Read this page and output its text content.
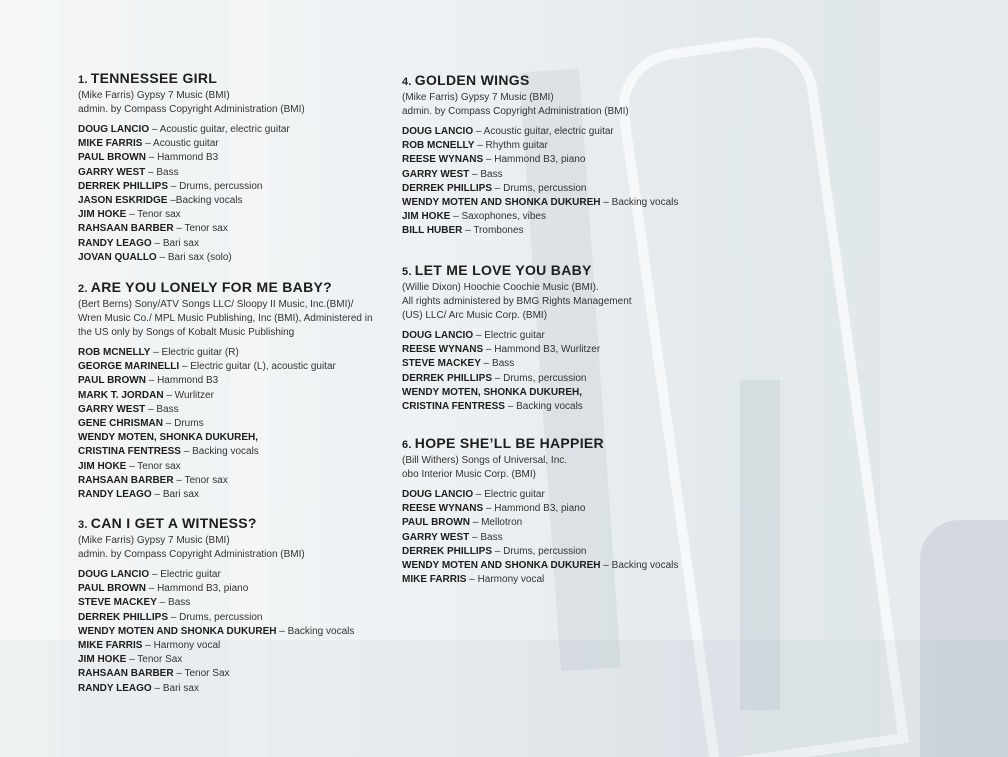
1. TENNESSEE GIRL

(Mike Farris) Gypsy 7 Music (BMI)

admin. by Compass Copyright Administration (BMI)

DOUG LANCIO – Acoustic guitar, electric guitar
MIKE FARRIS – Acoustic guitar
PAUL BROWN – Hammond B3
GARRY WEST – Bass
DERREK PHILLIPS – Drums, percussion
JASON ESKRIDGE –Backing vocals
JIM HOKE – Tenor sax
RAHSAAN BARBER – Tenor sax
RANDY LEAGO – Bari sax
JOVAN QUALLO – Bari sax (solo)
2. ARE YOU LONELY FOR ME BABY?

(Bert Berns) Sony/ATV Songs LLC/ Sloopy II Music, Inc.(BMI)/

Wren Music Co./ MPL Music Publishing, Inc (BMI), Administered in

the US only by Songs of Kobalt Music Publishing

ROB MCNELLY – Electric guitar (R)
GEORGE MARINELLI – Electric guitar (L), acoustic guitar
PAUL BROWN – Hammond B3
MARK T. JORDAN – Wurlitzer
GARRY WEST – Bass
GENE CHRISMAN – Drums
WENDY MOTEN, SHONKA DUKUREH,
CRISTINA FENTRESS – Backing vocals
JIM HOKE – Tenor sax
RAHSAAN BARBER – Tenor sax
RANDY LEAGO – Bari sax
3. CAN I GET A WITNESS?

(Mike Farris) Gypsy 7 Music (BMI)

admin. by Compass Copyright Administration (BMI)

DOUG LANCIO – Electric guitar
PAUL BROWN – Hammond B3, piano
STEVE MACKEY – Bass
DERREK PHILLIPS – Drums, percussion
WENDY MOTEN AND SHONKA DUKUREH – Backing vocals
MIKE FARRIS – Harmony vocal
JIM HOKE – Tenor Sax
RAHSAAN BARBER – Tenor Sax
RANDY LEAGO – Bari sax
4. GOLDEN WINGS

(Mike Farris) Gypsy 7 Music (BMI)

admin. by Compass Copyright Administration (BMI)

DOUG LANCIO – Acoustic guitar, electric guitar
ROB MCNELLY – Rhythm guitar
REESE WYNANS – Hammond B3, piano
GARRY WEST – Bass
DERREK PHILLIPS – Drums, percussion
WENDY MOTEN AND SHONKA DUKUREH – Backing vocals
JIM HOKE – Saxophones, vibes
BILL HUBER – Trombones
5. LET ME LOVE YOU BABY

(Willie Dixon) Hoochie Coochie Music (BMI).

All rights administered by BMG Rights Management

(US) LLC/ Arc Music Corp. (BMI)

DOUG LANCIO – Electric guitar
REESE WYNANS – Hammond B3, Wurlitzer
STEVE MACKEY – Bass
DERREK PHILLIPS – Drums, percussion
WENDY MOTEN, SHONKA DUKUREH,
CRISTINA FENTRESS – Backing vocals
6. HOPE SHE’LL BE HAPPIER

(Bill Withers) Songs of Universal, Inc.

obo Interior Music Corp. (BMI)

DOUG LANCIO – Electric guitar
REESE WYNANS – Hammond B3, piano
PAUL BROWN – Mellotron
GARRY WEST – Bass
DERREK PHILLIPS – Drums, percussion
WENDY MOTEN AND SHONKA DUKUREH – Backing vocals
MIKE FARRIS – Harmony vocal
